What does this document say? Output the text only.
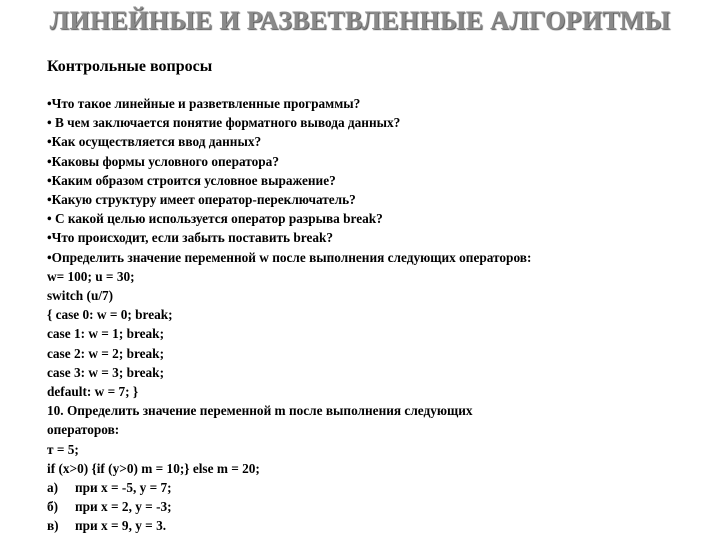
ЛИНЕЙНЫЕ И РАЗВЕТВЛЕННЫЕ АЛГОРИТМЫ
Контрольные вопросы
•Что такое линейные и разветвленные программы?
• В чем заключается понятие форматного вывода данных?
•Как осуществляется ввод данных?
•Каковы формы условного оператора?
•Каким образом строится условное выражение?
•Какую структуру имеет оператор-переключатель?
• С какой целью используется оператор разрыва break?
•Что происходит, если забыть поставить break?
•Определить значение переменной w после выполнения следующих операторов:
w= 100; u = 30;
switch (u/7)
{ case 0: w = 0; break;
case 1: w = 1; break;
case 2: w = 2; break;
case 3: w = 3; break;
default: w = 7; }
10. Определить значение переменной m после выполнения следующих
операторов:
т = 5;
if (x>0) {if (y>0) m = 10;} else m = 20;
а)	при х = -5, у = 7;
б)	при х = 2, у = -3;
в)	при х = 9, у = 3.
